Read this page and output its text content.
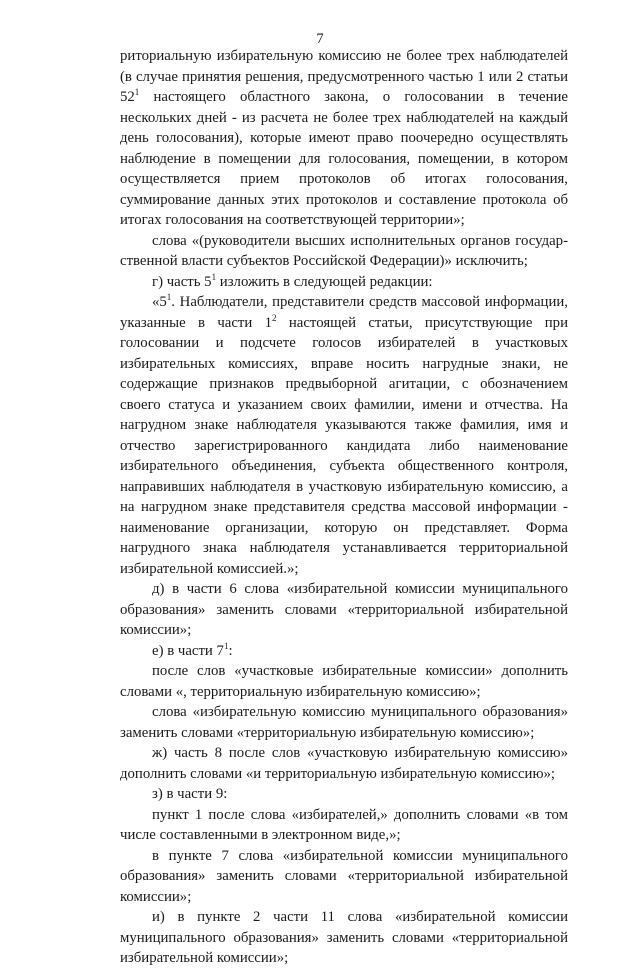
7

риториальную избирательную комиссию не более трех наблюдателей (в случае принятия решения, предусмотренного частью 1 или 2 статьи $52^1$ настоящего областного закона, о голосовании в течение нескольких дней - из расчета не более трех наблюдателей на каждый день голосования), которые имеют право поочередно осуществлять наблюдение в помещении для голосования, помещении, в котором осуществляется прием протоколов об итогах голосования, суммирование данных этих протоколов и составление протокола об итогах голосования на соответствующей территории»;

слова «(руководители высших исполнительных органов государственной власти субъектов Российской Федерации)» исключить;

г) часть $5^1$ изложить в следующей редакции:

«$5^1$. Наблюдатели, представители средств массовой информации, указанные в части $1^2$ настоящей статьи, присутствующие при голосовании и подсчете голосов избирателей в участковых избирательных комиссиях, вправе носить нагрудные знаки, не содержащие признаков предвыборной агитации, с обозначением своего статуса и указанием своих фамилии, имени и отчества. На нагрудном знаке наблюдателя указываются также фамилия, имя и отчество зарегистрированного кандидата либо наименование избирательного объединения, субъекта общественного контроля, направивших наблюдателя в участковую избирательную комиссию, а на нагрудном знаке представителя средства массовой информации - наименование организации, которую он представляет. Форма нагрудного знака наблюдателя устанавливается территориальной избирательной комиссией.»;

д) в части 6 слова «избирательной комиссии муниципального образования» заменить словами «территориальной избирательной комиссии»;

е) в части $7^1$:

после слов «участковые избирательные комиссии» дополнить словами «, территориальную избирательную комиссию»;

слова «избирательную комиссию муниципального образования» заменить словами «территориальную избирательную комиссию»;

ж) часть 8 после слов «участковую избирательную комиссию» дополнить словами «и территориальную избирательную комиссию»;

з) в части 9:

пункт 1 после слова «избирателей,» дополнить словами «в том числе составленными в электронном виде,»;

в пункте 7 слова «избирательной комиссии муниципального образования» заменить словами «территориальной избирательной комиссии»;

и) в пункте 2 части 11 слова «избирательной комиссии муниципального образования» заменить словами «территориальной избирательной комиссии»;
